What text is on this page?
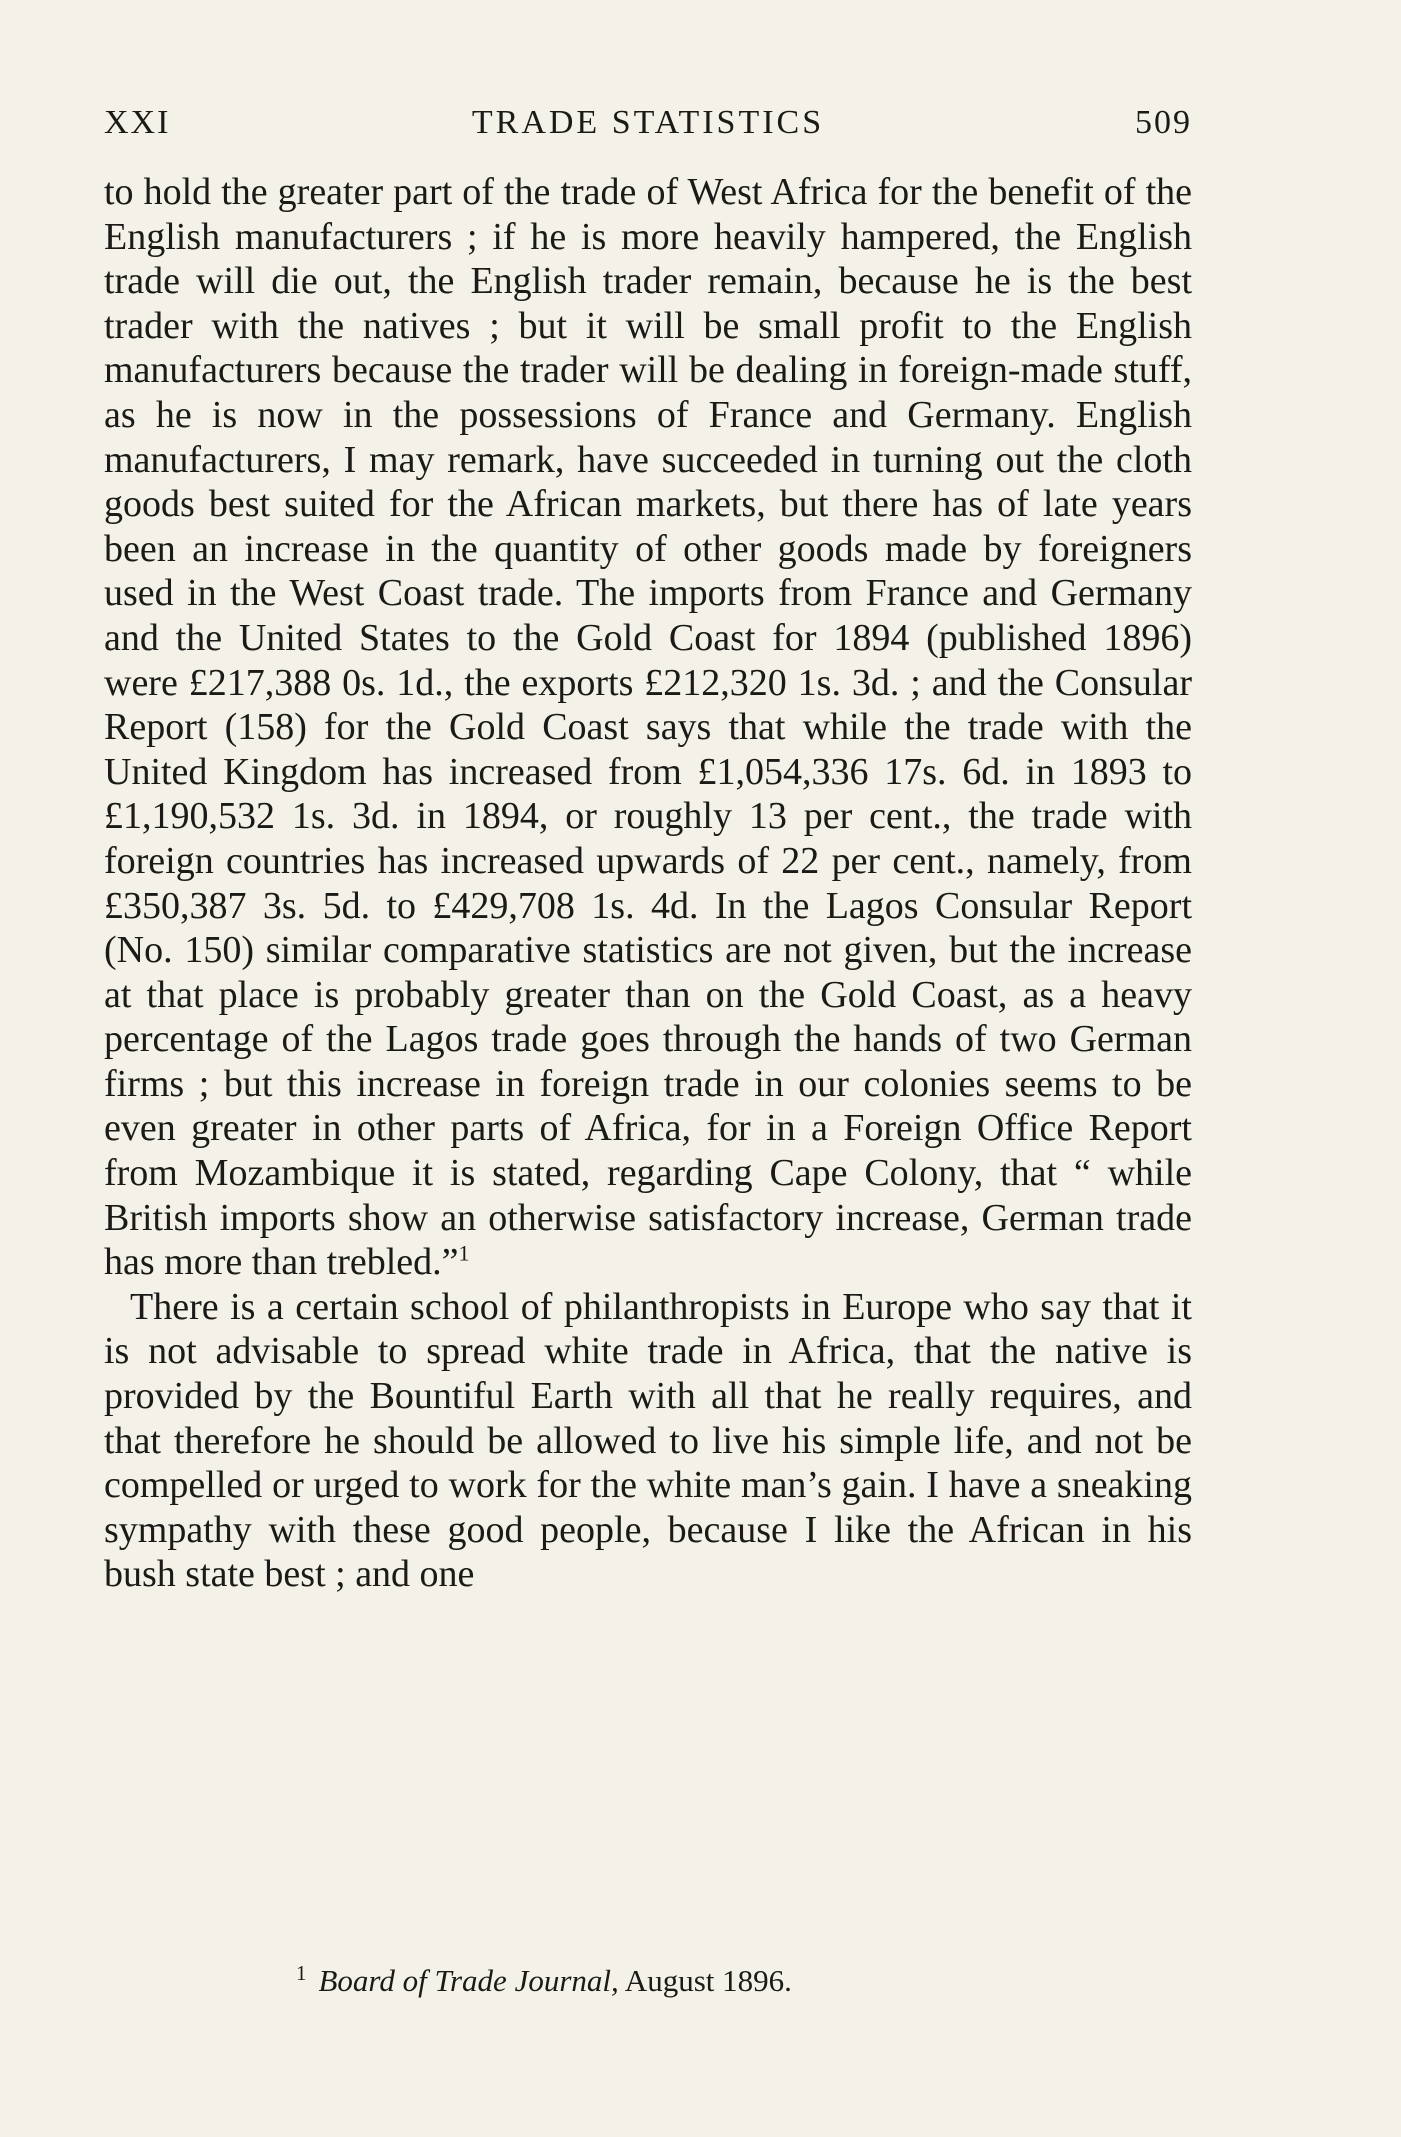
XXI	TRADE STATISTICS	509

to hold the greater part of the trade of West Africa for the benefit of the English manufacturers ; if he is more heavily hampered, the English trade will die out, the English trader remain, because he is the best trader with the natives ; but it will be small profit to the English manufacturers because the trader will be dealing in foreign-made stuff, as he is now in the possessions of France and Germany. English manufacturers, I may remark, have succeeded in turning out the cloth goods best suited for the African markets, but there has of late years been an increase in the quantity of other goods made by foreigners used in the West Coast trade. The imports from France and Germany and the United States to the Gold Coast for 1894 (published 1896) were £217,388 0s. 1d., the exports £212,320 1s. 3d. ; and the Consular Report (158) for the Gold Coast says that while the trade with the United Kingdom has increased from £1,054,336 17s. 6d. in 1893 to £1,190,532 1s. 3d. in 1894, or roughly 13 per cent., the trade with foreign countries has increased upwards of 22 per cent., namely, from £350,387 3s. 5d. to £429,708 1s. 4d. In the Lagos Consular Report (No. 150) similar comparative statistics are not given, but the increase at that place is probably greater than on the Gold Coast, as a heavy percentage of the Lagos trade goes through the hands of two German firms ; but this increase in foreign trade in our colonies seems to be even greater in other parts of Africa, for in a Foreign Office Report from Mozambique it is stated, regarding Cape Colony, that “ while British imports show an otherwise satisfactory increase, German trade has more than trebled.”$^1$

There is a certain school of philanthropists in Europe who say that it is not advisable to spread white trade in Africa, that the native is provided by the Bountiful Earth with all that he really requires, and that therefore he should be allowed to live his simple life, and not be compelled or urged to work for the white man’s gain. I have a sneaking sympathy with these good people, because I like the African in his bush state best ; and one

$^1$ Board of Trade Journal, August 1896.
